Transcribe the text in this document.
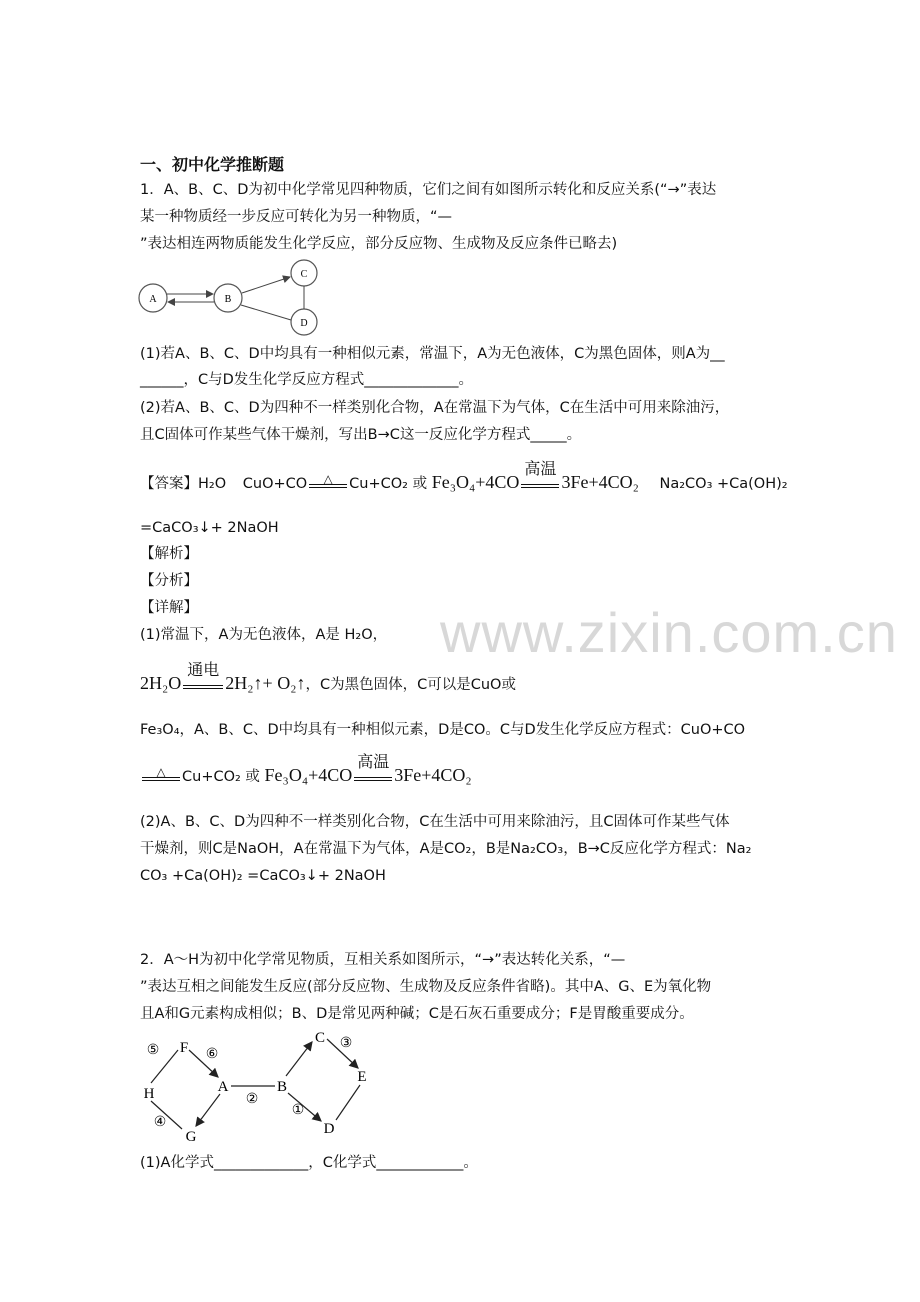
www.zixin.com.cn
一、初中化学推断题
1．A、B、C、D为初中化学常见四种物质，它们之间有如图所示转化和反应关系(“→”表达
某一种物质经一步反应可转化为另一种物质，“—
”表达相连两物质能发生化学反应，部分反应物、生成物及反应条件已略去)
A	B
C
D
(1)若A、B、C、D中均具有一种相似元素，常温下，A为无色液体，C为黑色固体，则A为__
______，C与D发生化学反应方程式_____________。
(2)若A、B、C、D为四种不一样类别化合物，A在常温下为气体，C在生活中可用来除油污，
且C固体可作某些气体干燥剂，写出B→C这一反应化学方程式_____。
【答案】H₂O CuO+CO	△	Cu+CO₂ 或 Fe₃O₄+4CO
高温
3Fe+4CO₂ Na₂CO₃ +Ca(OH)₂
=CaCO₃↓+ 2NaOH
【解析】
【分析】
【详解】
(1)常温下，A为无色液体，A是 H₂O，
2H₂O
通电
2H₂↑+ O₂↑，C为黑色固体，C可以是CuO或
Fe₃O₄，A、B、C、D中均具有一种相似元素，D是CO。C与D发生化学反应方程式：CuO+CO
△	Cu+CO₂ 或 Fe₃O₄+4CO
高温
3Fe+4CO₂
(2)A、B、C、D为四种不一样类别化合物，C在生活中可用来除油污，且C固体可作某些气体
干燥剂，则C是NaOH，A在常温下为气体，A是CO₂，B是Na₂CO₃，B→C反应化学方程式：Na₂
CO₃ +Ca(OH)₂ =CaCO₃↓+ 2NaOH
2．A～H为初中化学常见物质，互相关系如图所示，“→”表达转化关系，“—
”表达互相之间能发生反应(部分反应物、生成物及反应条件省略)。其中A、G、E为氧化物
且A和G元素构成相似；B、D是常见两种碱；C是石灰石重要成分；F是胃酸重要成分。
F
A
H
G
B
C
E
D
⑤	⑥
④
②
③
①
(1)A化学式_____________，C化学式____________。
